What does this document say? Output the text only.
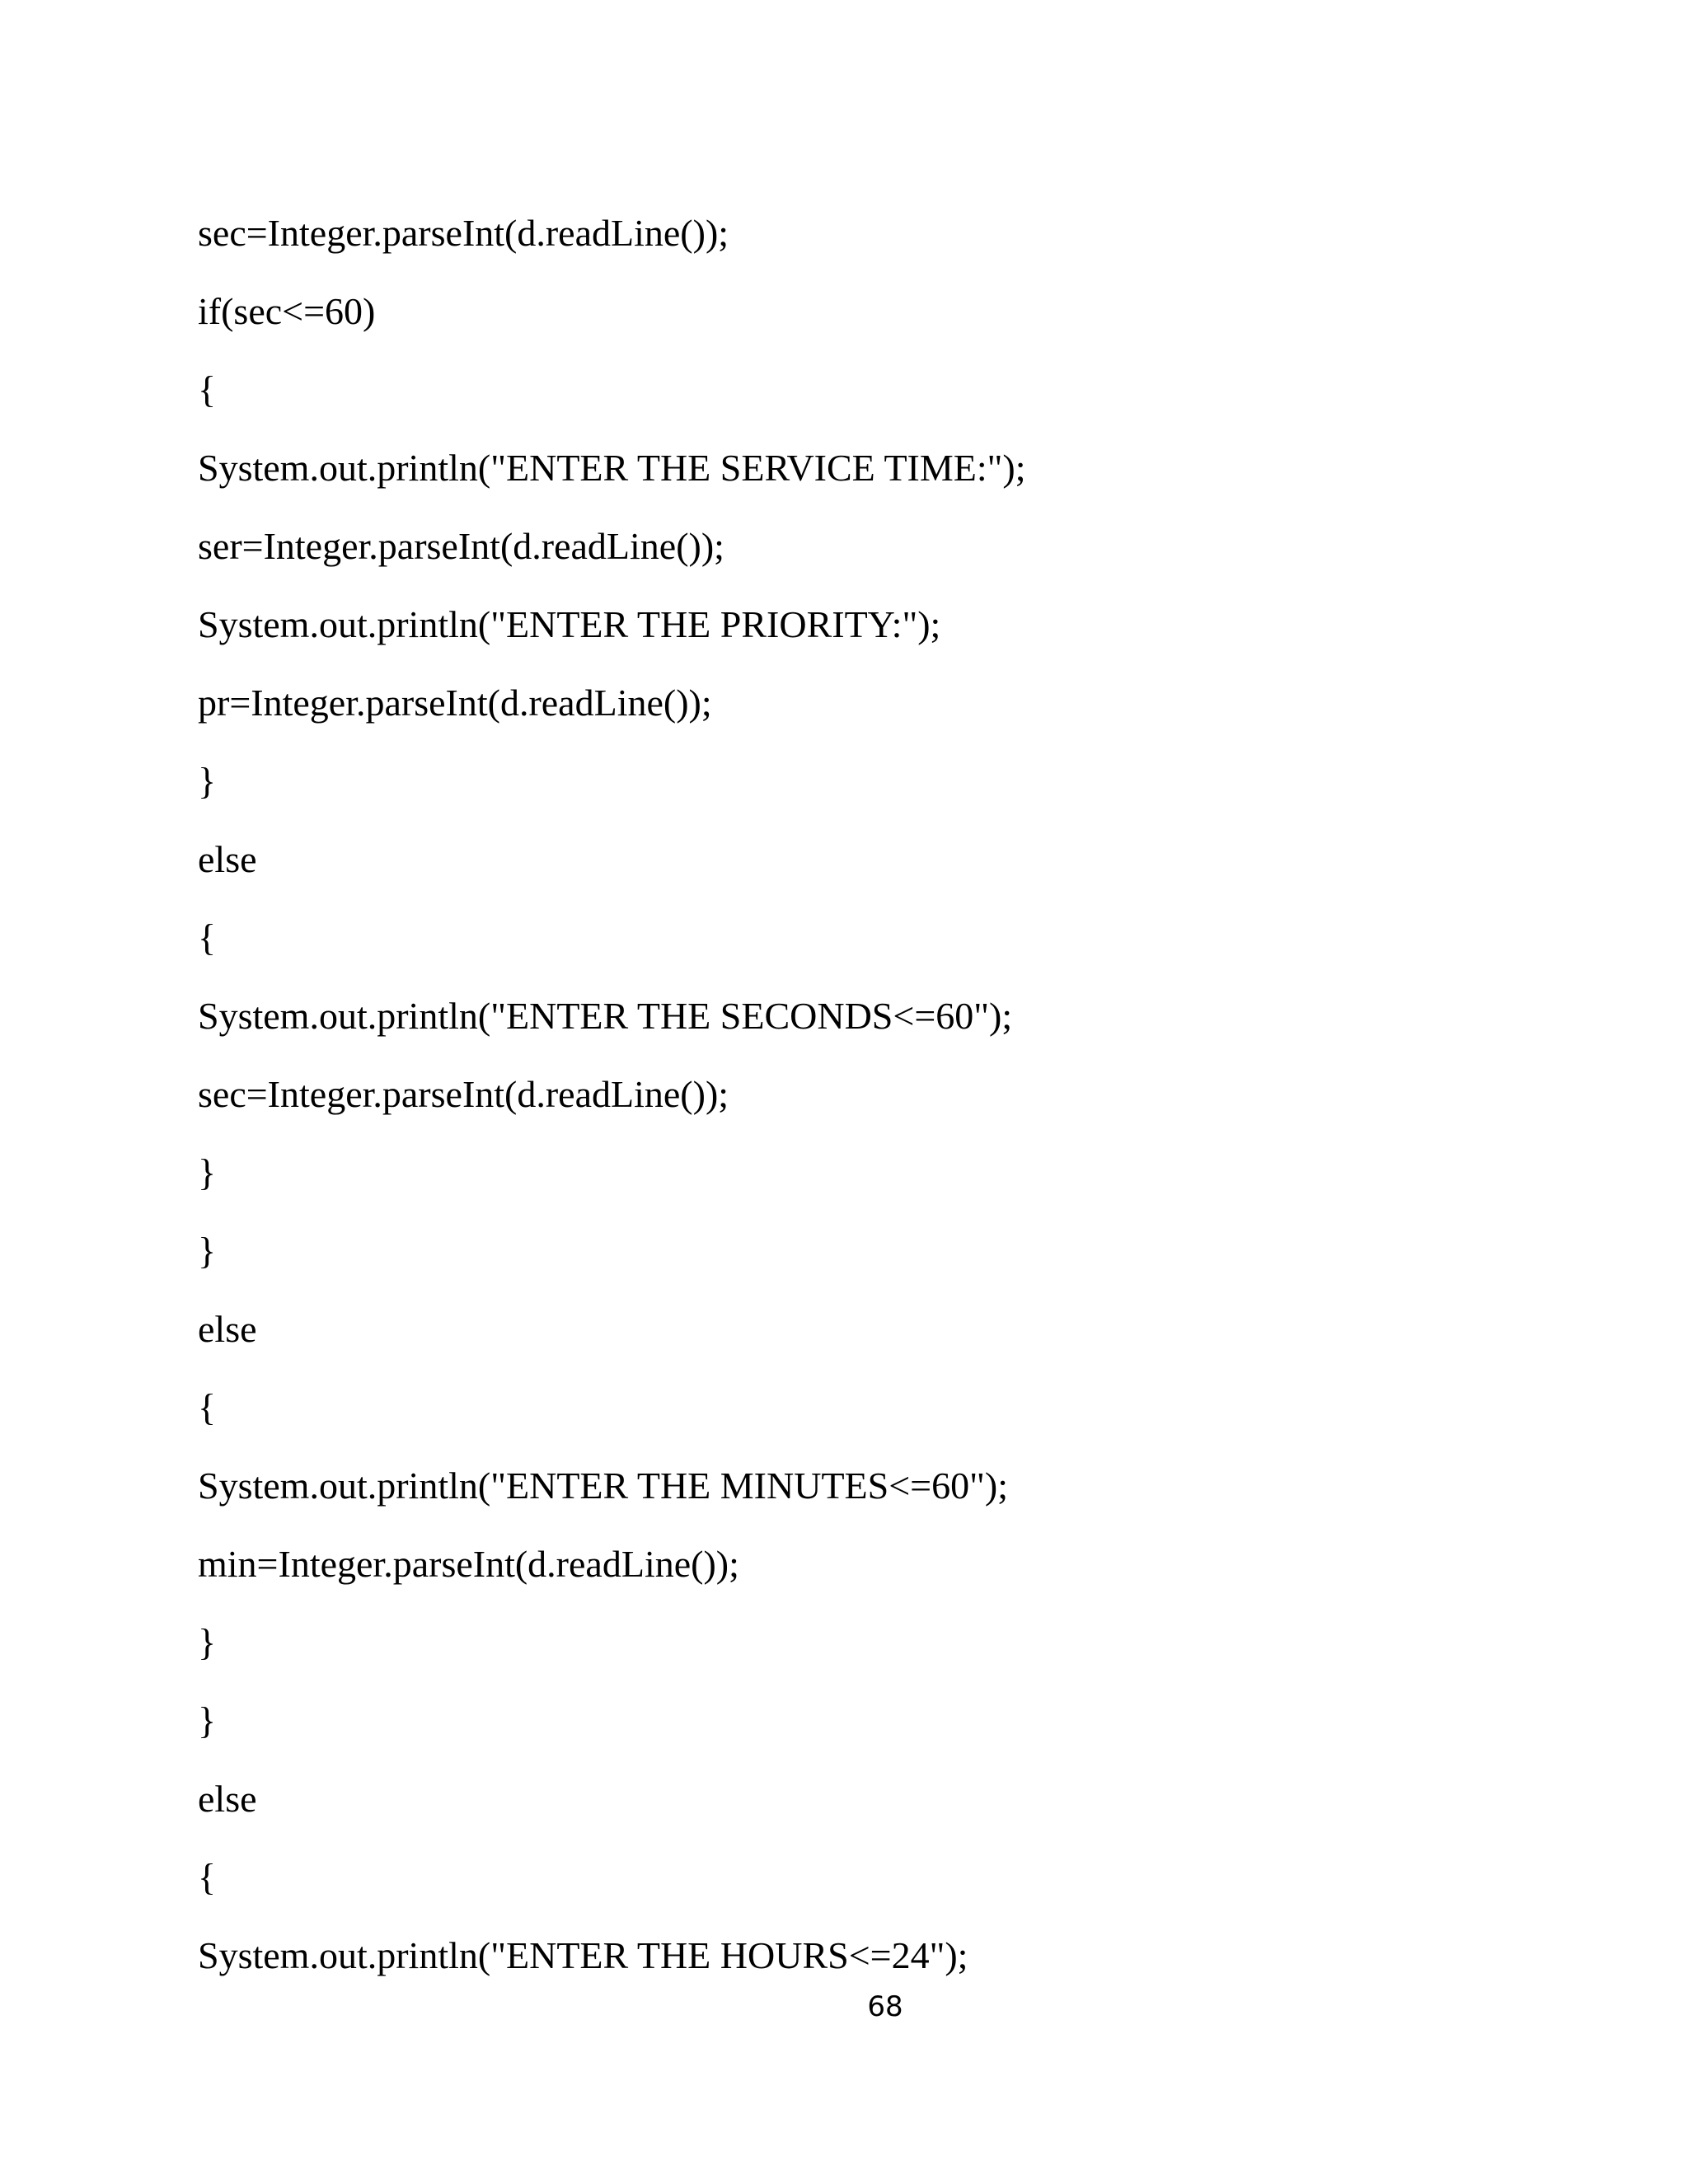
sec=Integer.parseInt(d.readLine());
if(sec<=60)
{
System.out.println("ENTER THE SERVICE TIME:");
ser=Integer.parseInt(d.readLine());
System.out.println("ENTER THE PRIORITY:");
pr=Integer.parseInt(d.readLine());
}
else
{
System.out.println("ENTER THE SECONDS<=60");
sec=Integer.parseInt(d.readLine());
}
}
else
{
System.out.println("ENTER THE MINUTES<=60");
min=Integer.parseInt(d.readLine());
}
}
else
{
System.out.println("ENTER THE HOURS<=24");
68
